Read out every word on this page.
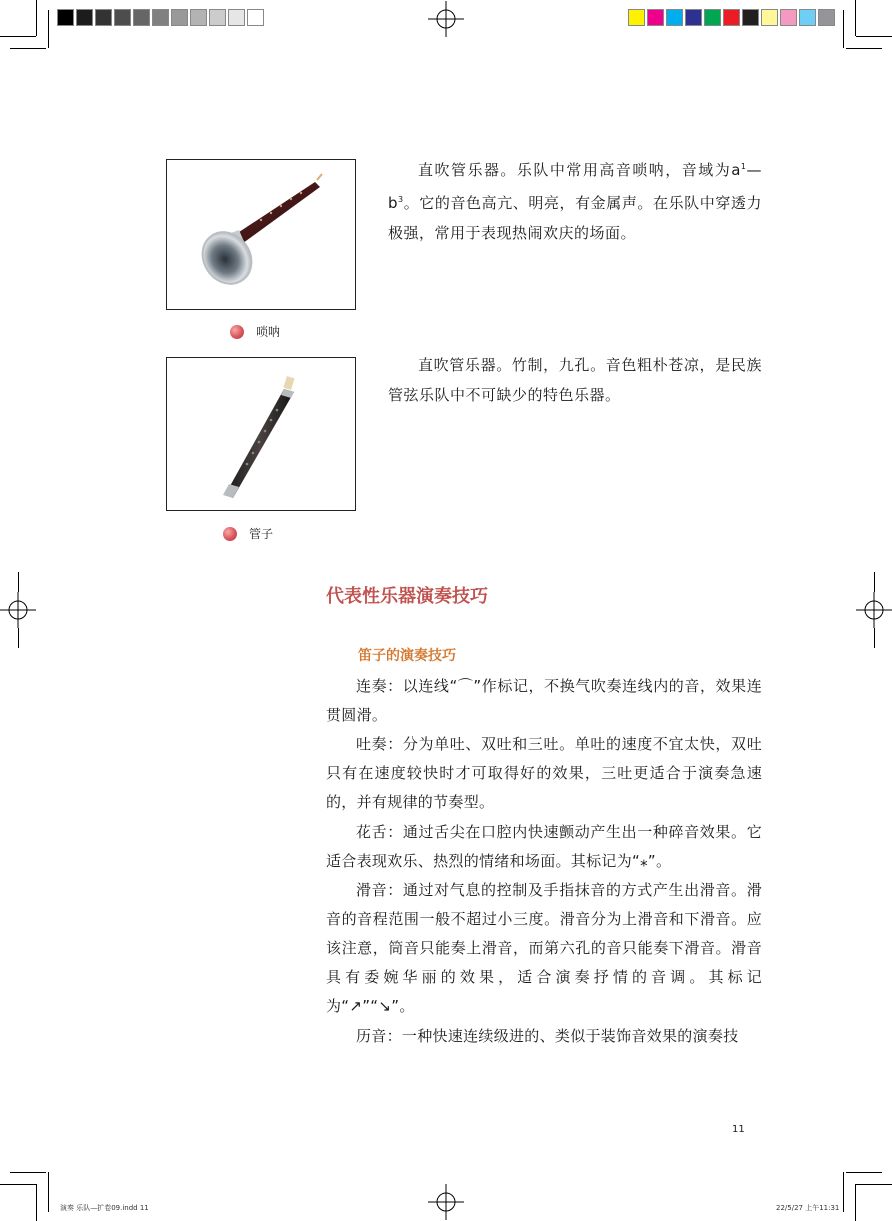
唢呐
直吹管乐器。乐队中常用高音唢呐，音域为$a^1—b^3$。它的音色高亢、明亮，有金属声。在乐队中穿透力极强，常用于表现热闹欢庆的场面。
管子
直吹管乐器。竹制，九孔。音色粗朴苍凉，是民族管弦乐队中不可缺少的特色乐器。
代表性乐器演奏技巧
笛子的演奏技巧
连奏：以连线“⌒”作标记，不换气吹奏连线内的音，效果连贯圆滑。
吐奏：分为单吐、双吐和三吐。单吐的速度不宜太快，双吐只有在速度较快时才可取得好的效果，三吐更适合于演奏急速的，并有规律的节奏型。
花舌：通过舌尖在口腔内快速颤动产生出一种碎音效果。它适合表现欢乐、热烈的情绪和场面。其标记为“⁎”。
滑音：通过对气息的控制及手指抹音的方式产生出滑音。滑音的音程范围一般不超过小三度。滑音分为上滑音和下滑音。应该注意，筒音只能奏上滑音，而第六孔的音只能奏下滑音。滑音具有委婉华丽的效果，适合演奏抒情的音调。其标记为“↗”“↘”。
历音：一种快速连续级进的、类似于装饰音效果的演奏技
11
演奏 乐队—扩卷09.indd 11	22/5/27 上午11:31
